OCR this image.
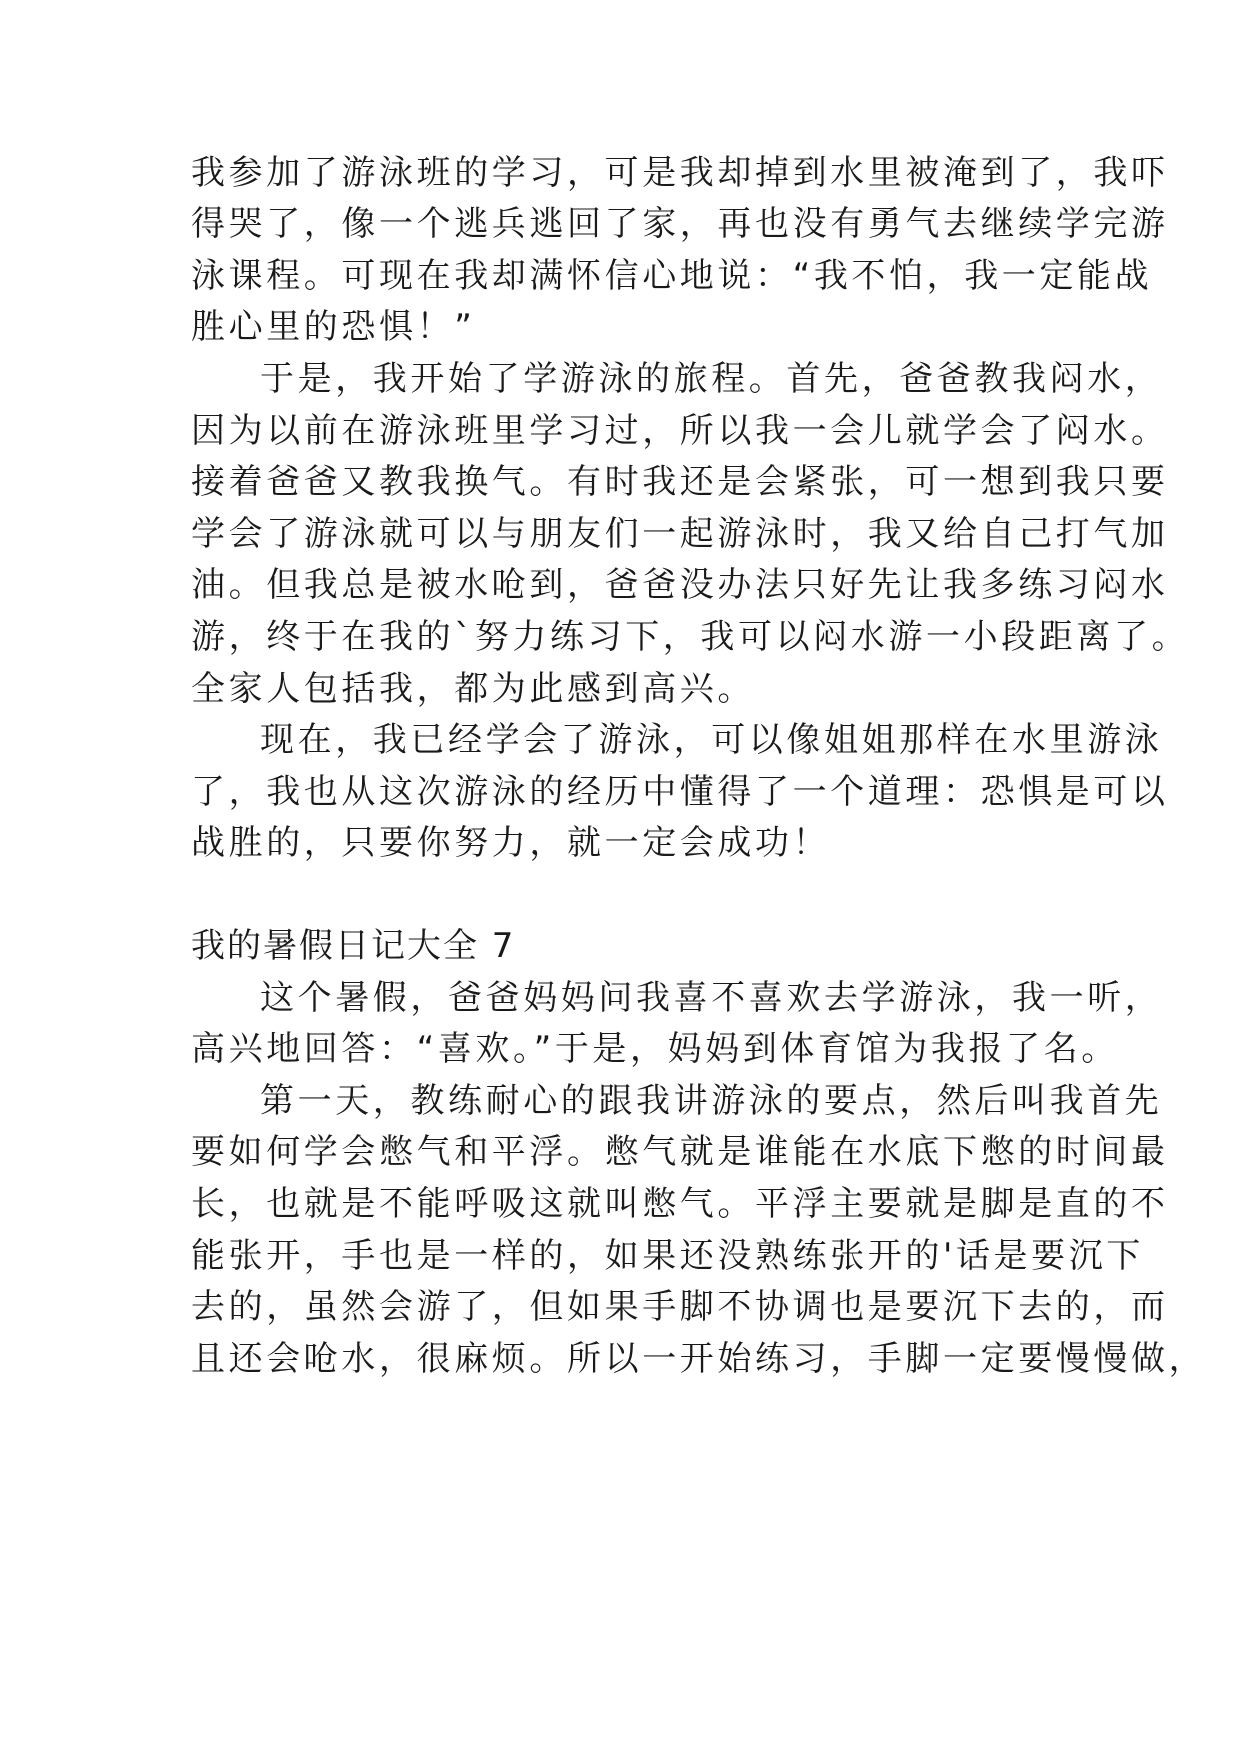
我参加了游泳班的学习，可是我却掉到水里被淹到了，我吓

得哭了，像一个逃兵逃回了家，再也没有勇气去继续学完游

泳课程。可现在我却满怀信心地说：“我不怕，我一定能战

胜心里的恐惧！”

于是，我开始了学游泳的旅程。首先，爸爸教我闷水，

因为以前在游泳班里学习过，所以我一会儿就学会了闷水。

接着爸爸又教我换气。有时我还是会紧张，可一想到我只要

学会了游泳就可以与朋友们一起游泳时，我又给自己打气加

油。但我总是被水呛到，爸爸没办法只好先让我多练习闷水

游，终于在我的`努力练习下，我可以闷水游一小段距离了。

全家人包括我，都为此感到高兴。

现在，我已经学会了游泳，可以像姐姐那样在水里游泳

了，我也从这次游泳的经历中懂得了一个道理：恐惧是可以

战胜的，只要你努力，就一定会成功！

我的暑假日记大全 7

这个暑假，爸爸妈妈问我喜不喜欢去学游泳，我一听，

高兴地回答：“喜欢。”于是，妈妈到体育馆为我报了名。

第一天，教练耐心的跟我讲游泳的要点，然后叫我首先

要如何学会憋气和平浮。憋气就是谁能在水底下憋的时间最

长，也就是不能呼吸这就叫憋气。平浮主要就是脚是直的不

能张开，手也是一样的，如果还没熟练张开的'话是要沉下

去的，虽然会游了，但如果手脚不协调也是要沉下去的，而

且还会呛水，很麻烦。所以一开始练习，手脚一定要慢慢做，
